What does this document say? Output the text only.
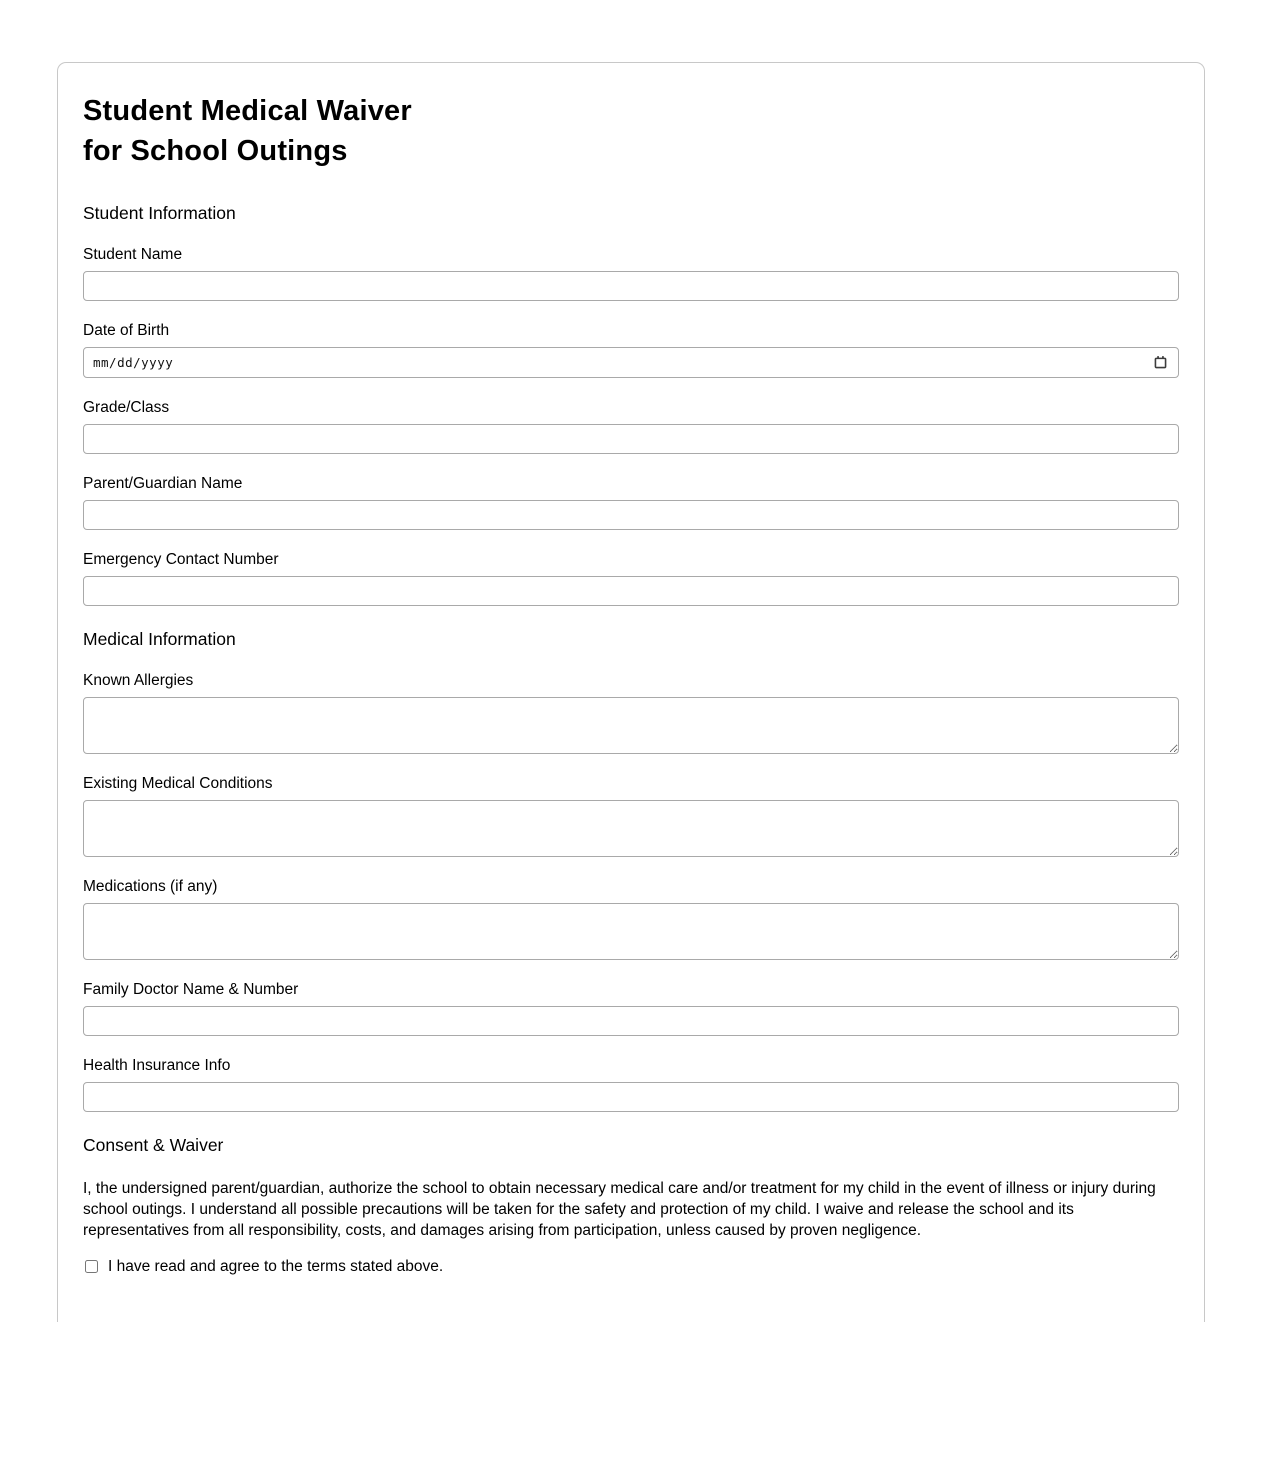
Student Medical Waiver
for School Outings
Student Information
Student Name
Date of Birth
mm/dd/yyyy
Grade/Class
Parent/Guardian Name
Emergency Contact Number
Medical Information
Known Allergies
Existing Medical Conditions
Medications (if any)
Family Doctor Name & Number
Health Insurance Info
Consent & Waiver

I, the undersigned parent/guardian, authorize the school to obtain necessary medical care and/or treatment for my child in the event of illness or injury during school outings. I understand all possible precautions will be taken for the safety and protection of my child. I waive and release the school and its representatives from all responsibility, costs, and damages arising from participation, unless caused by proven negligence.

I have read and agree to the terms stated above.
